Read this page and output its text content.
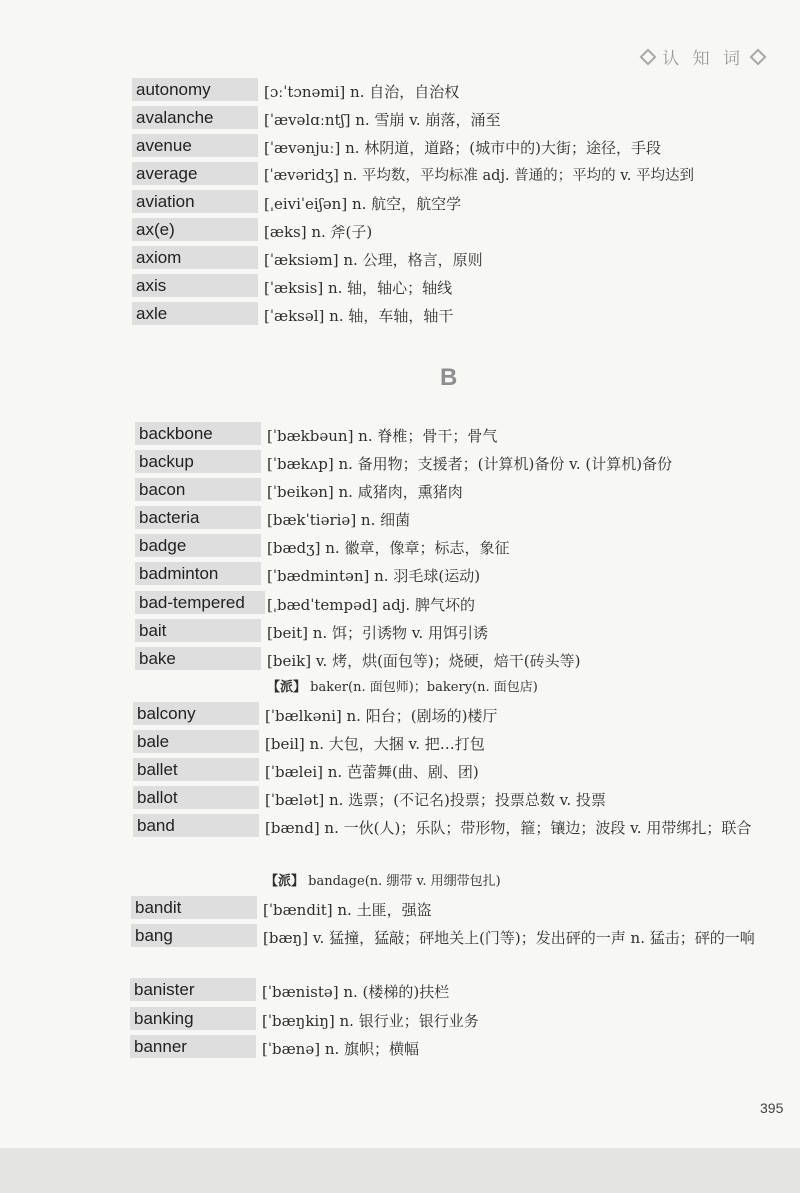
认 知 词
autonomy	[ɔːˈtɔnəmi] n. 自治，自治权
avalanche	[ˈævəlɑːntʃ] n. 雪崩 v. 崩落，涌至
avenue	[ˈævənjuː] n. 林阴道，道路；(城市中的)大街；途径，手段
average	[ˈævəridʒ] n. 平均数，平均标准 adj. 普通的；平均的 v. 平均达到
aviation	[ˌeiviˈeiʃən] n. 航空，航空学
ax(e)	[æks] n. 斧(子)
axiom	[ˈæksiəm] n. 公理，格言，原则
axis	[ˈæksis] n. 轴，轴心；轴线
axle	[ˈæksəl] n. 轴，车轴，轴干
B
backbone	[ˈbækbəun] n. 脊椎；骨干；骨气
backup	[ˈbækʌp] n. 备用物；支援者；(计算机)备份 v. (计算机)备份
bacon	[ˈbeikən] n. 咸猪肉，熏猪肉
bacteria	[bækˈtiəriə] n. 细菌
badge	[bædʒ] n. 徽章，像章；标志，象征
badminton	[ˈbædmintən] n. 羽毛球(运动)
bad-tempered	[ˌbædˈtempəd] adj. 脾气坏的
bait	[beit] n. 饵；引诱物 v. 用饵引诱
bake	[beik] v. 烤，烘(面包等)；烧硬，焙干(砖头等)
【派】 baker(n. 面包师)；bakery(n. 面包店)
balcony	[ˈbælkəni] n. 阳台；(剧场的)楼厅
bale	[beil] n. 大包，大捆 v. 把…打包
ballet	[ˈbælei] n. 芭蕾舞(曲、剧、团)
ballot	[ˈbælət] n. 选票；(不记名)投票；投票总数 v. 投票
band	[bænd] n. 一伙(人)；乐队；带形物，箍；镶边；波段 v. 用带绑扎；联合
【派】 bandage(n. 绷带 v. 用绷带包扎)
bandit	[ˈbændit] n. 土匪，强盗
bang	[bæŋ] v. 猛撞，猛敲；砰地关上(门等)；发出砰的一声 n. 猛击；砰的一响
banister	[ˈbænistə] n. (楼梯的)扶栏
banking	[ˈbæŋkiŋ] n. 银行业；银行业务
banner	[ˈbænə] n. 旗帜；横幅
395
